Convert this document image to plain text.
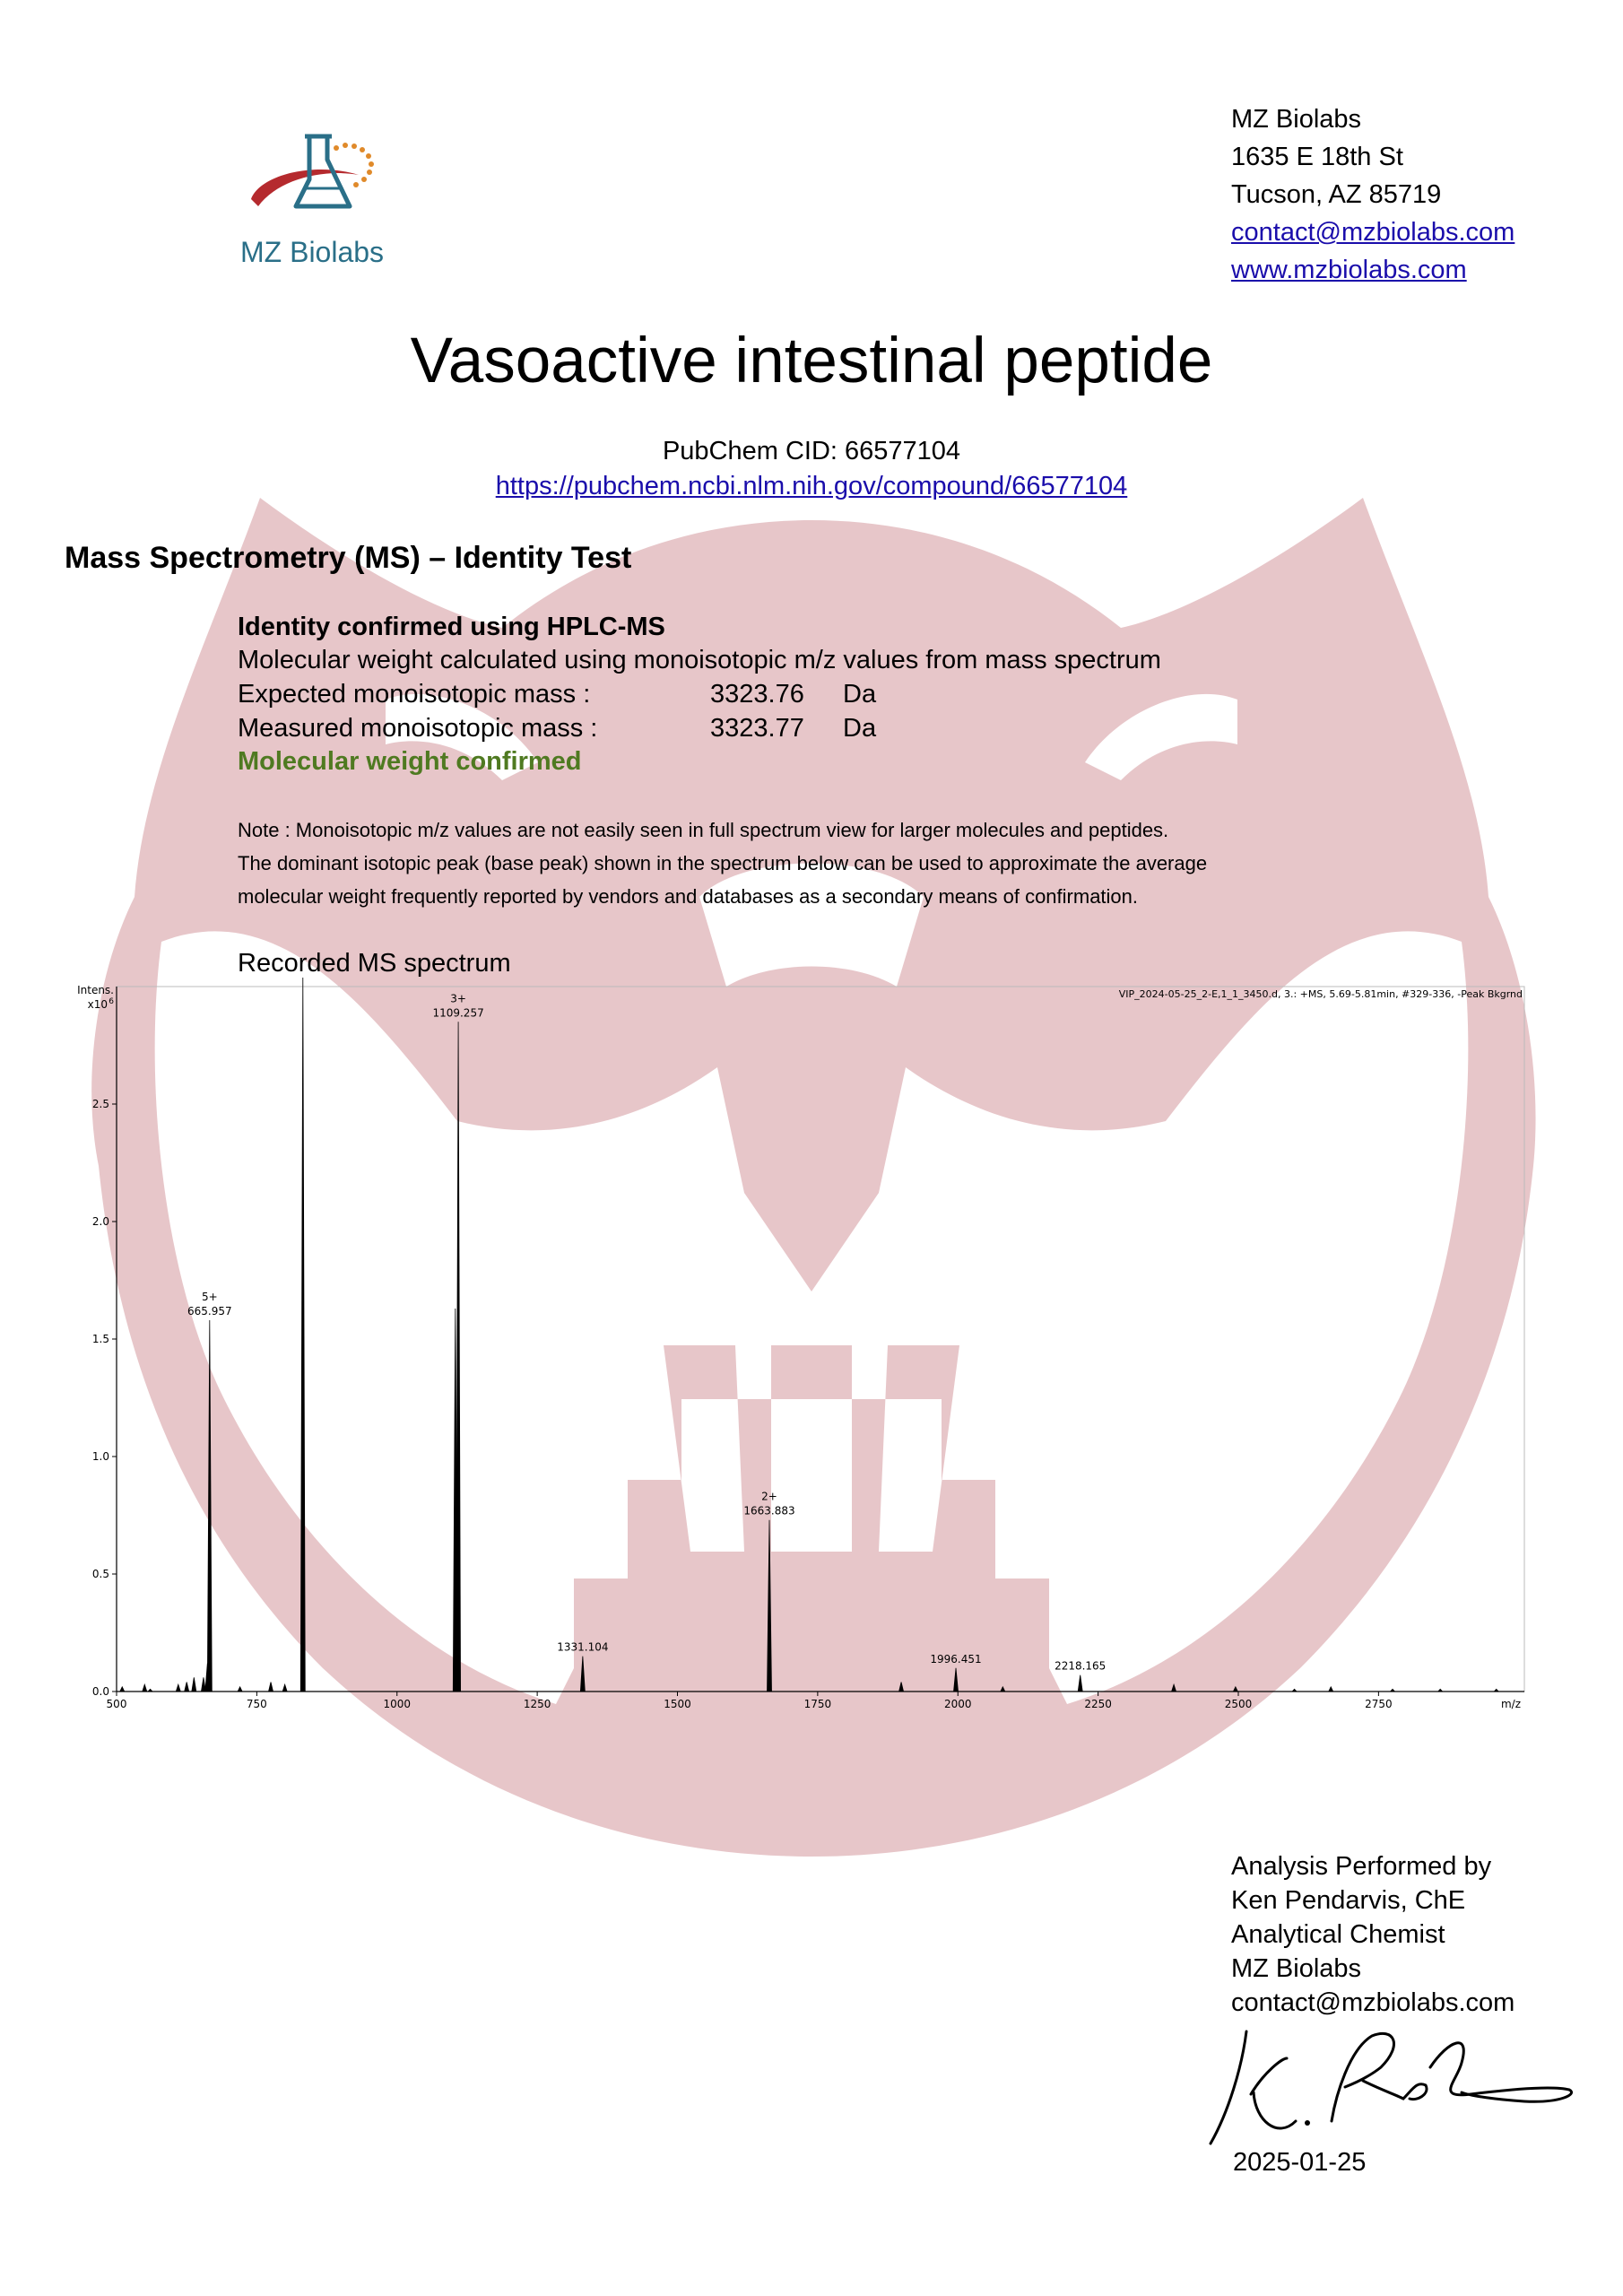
MZ Biolabs
MZ Biolabs
1635 E 18th St
Tucson, AZ 85719
contact@mzbiolabs.com
www.mzbiolabs.com
Vasoactive intestinal peptide
PubChem CID: 66577104
https://pubchem.ncbi.nlm.nih.gov/compound/66577104
Mass Spectrometry (MS) – Identity Test
Identity confirmed using HPLC-MS
Molecular weight calculated using monoisotopic m/z values from mass spectrum
Expected monoisotopic mass :	3323.76 Da
Measured monoisotopic mass :	3323.77 Da
Molecular weight confirmed
Note : Monoisotopic m/z values are not easily seen in full spectrum view for larger molecules and peptides.
The dominant isotopic peak (base peak) shown in the spectrum below can be used to approximate the average
molecular weight frequently reported by vendors and databases as a secondary means of confirmation.
Recorded MS spectrum
0.0
0.5
1.0
1.5
2.0
2.5
500	750	1000	1250	1500	1750	2000	2250	2500	2750	m/z
Intens.
x10 6
VIP_2024-05-25_2-E,1_1_3450.d, 3.: +MS, 5.69-5.81min, #329-336, -Peak Bkgrnd
665.957
5+
1109.257
3+
1331.104
1663.883
2+
1996.451
2218.165
Analysis Performed by
Ken Pendarvis, ChE
Analytical Chemist
MZ Biolabs
contact@mzbiolabs.com
2025-01-25
